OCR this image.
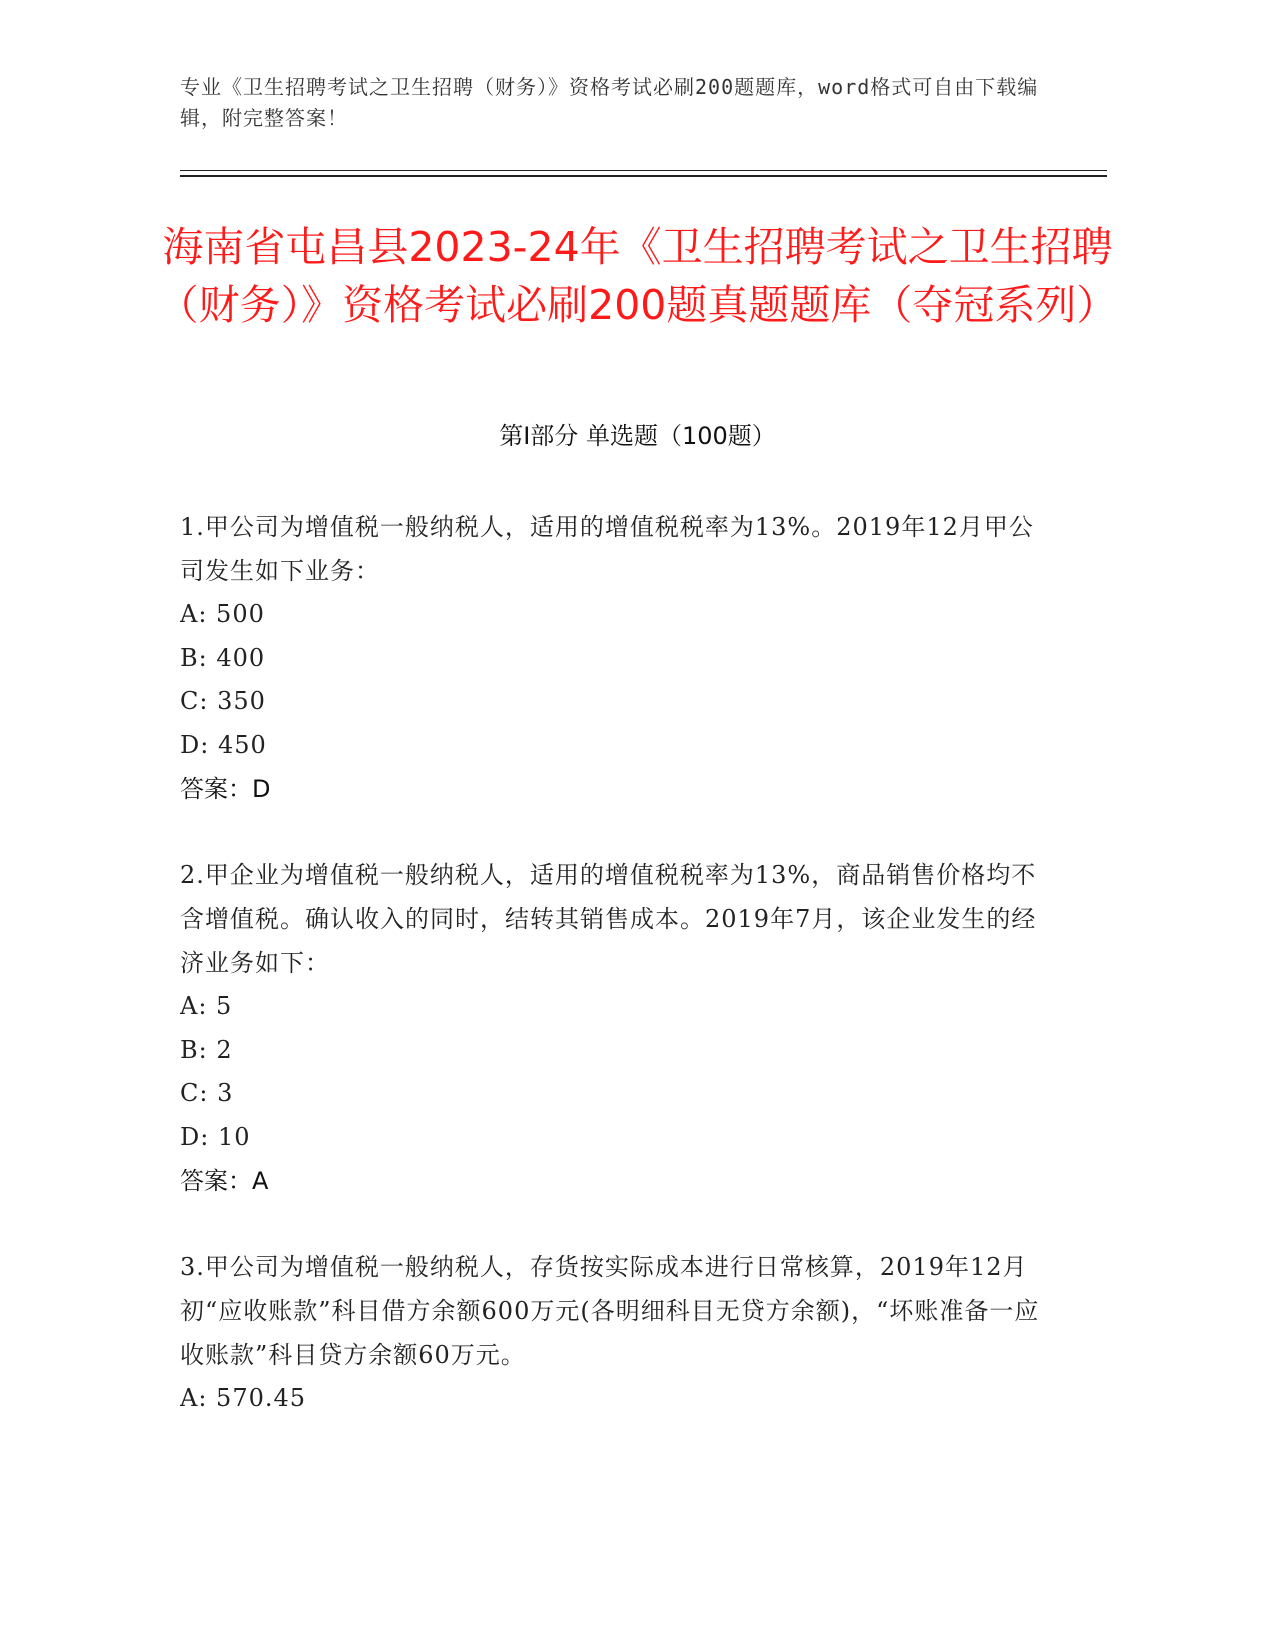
专业《卫生招聘考试之卫生招聘（财务）》资格考试必刷200题题库，word格式可自由下载编辑，附完整答案！
海南省屯昌县2023-24年《卫生招聘考试之卫生招聘（财务）》资格考试必刷200题真题题库（夺冠系列）
第I部分 单选题（100题）
1.甲公司为增值税一般纳税人，适用的增值税税率为13%。2019年12月甲公司发生如下业务：
A: 500
B: 400
C: 350
D: 450
答案：D
2.甲企业为增值税一般纳税人，适用的增值税税率为13%，商品销售价格均不含增值税。确认收入的同时，结转其销售成本。2019年7月，该企业发生的经济业务如下：
A: 5
B: 2
C: 3
D: 10
答案：A
3.甲公司为增值税一般纳税人，存货按实际成本进行日常核算，2019年12月初“应收账款”科目借方余额600万元(各明细科目无贷方余额)，“坏账准备一应收账款”科目贷方余额60万元。
A: 570.45
